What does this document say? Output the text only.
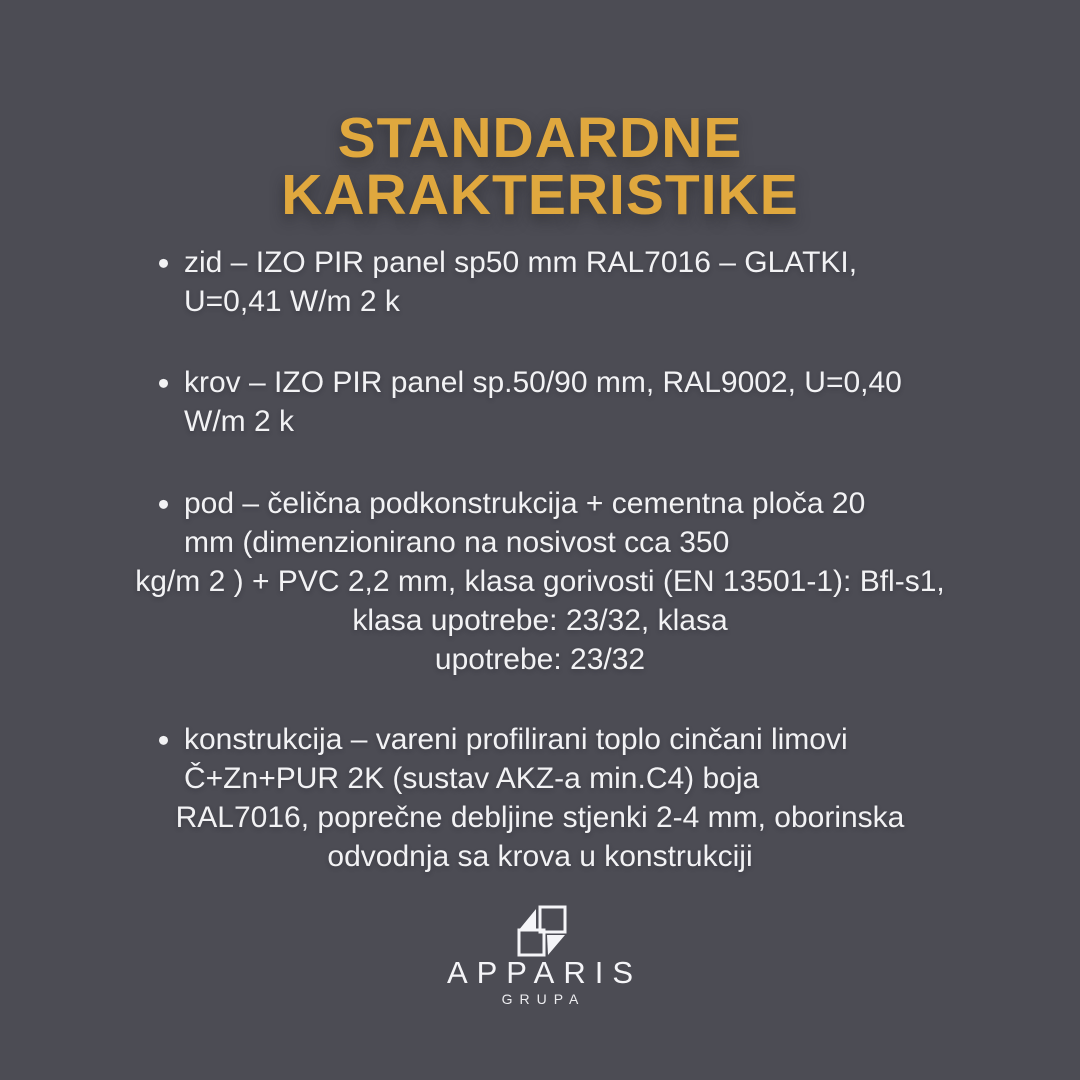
STANDARDNE
KARAKTERISTIKE
zid – IZO PIR panel sp50 mm RAL7016 – GLATKI,
U=0,41 W/m 2 k
krov – IZO PIR panel sp.50/90 mm, RAL9002, U=0,40
W/m 2 k
pod – čelična podkonstrukcija + cementna ploča 20
mm (dimenzionirano na nosivost cca 350
kg/m 2 ) + PVC 2,2 mm, klasa gorivosti (EN 13501-1): Bfl-s1,
klasa upotrebe: 23/32, klasa
upotrebe: 23/32
konstrukcija – vareni profilirani toplo cinčani limovi
Č+Zn+PUR 2K (sustav AKZ-a min.C4) boja
RAL7016, poprečne debljine stjenki 2-4 mm, oborinska
odvodnja sa krova u konstrukciji
APPARIS
GRUPA
